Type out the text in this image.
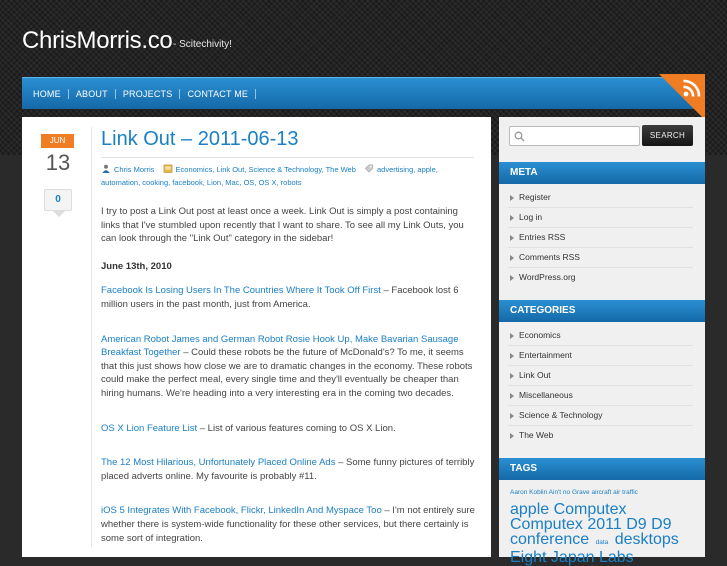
ChrisMorris.co - Scitechivity!
HOME	ABOUT	PROJECTS	CONTACT ME
JUN
13
0
Link Out – 2011-06-13
Chris Morris	Economics, Link Out, Science & Technology, The Web	advertising, apple,
automation, cooking, facebook, Lion, Mac, OS, OS X, robots

I try to post a Link Out post at least once a week. Link Out is simply a post containing links that I've stumbled upon recently that I want to share. To see all my Link Outs, you can look through the "Link Out" category in the sidebar!

June 13th, 2010

Facebook Is Losing Users In The Countries Where It Took Off First – Facebook lost 6 million users in the past month, just from America.

American Robot James and German Robot Rosie Hook Up, Make Bavarian Sausage Breakfast Together – Could these robots be the future of McDonald's? To me, it seems that this just shows how close we are to dramatic changes in the economy. These robots could make the perfect meal, every single time and they'll eventually be cheaper than hiring humans. We're heading into a very interesting era in the coming two decades.

OS X Lion Feature List – List of various features coming to OS X Lion.

The 12 Most Hilarious, Unfortunately Placed Online Ads – Some funny pictures of terribly placed adverts online. My favourite is probably #11.

iOS 5 Integrates With Facebook, Flickr, LinkedIn And Myspace Too – I'm not entirely sure whether there is system-wide functionality for these other services, but there certainly is some sort of integration.

SEARCH
META
Register
Log in
Entries RSS
Comments RSS
WordPress.org
CATEGORIES
Economics
Entertainment
Link Out
Miscellaneous
Science & Technology
The Web
TAGS
Aaron Koblin Ain't no Grave aircraft air traffic
apple Computex
Computex 2011 D9 D9
conference data desktops
Eight Japan Labs
